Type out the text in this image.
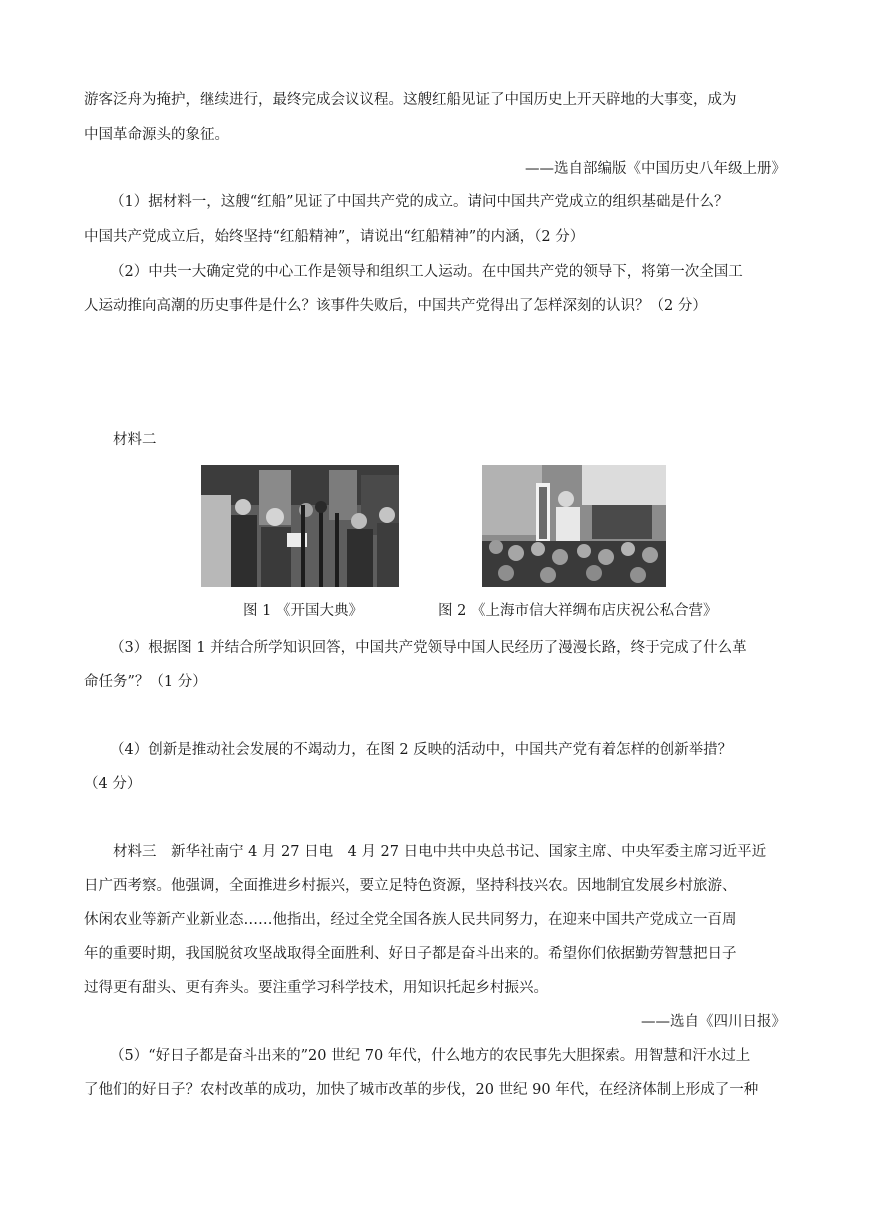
游客泛舟为掩护，继续进行，最终完成会议议程。这艘红船见证了中国历史上开天辟地的大事变，成为
中国革命源头的象征。
——选自部编版《中国历史八年级上册》
（1）据材料一，这艘“红船”见证了中国共产党的成立。请问中国共产党成立的组织基础是什么？
中国共产党成立后，始终坚持“红船精神”，请说出“红船精神”的内涵，（2 分）
（2）中共一大确定党的中心工作是领导和组织工人运动。在中国共产党的领导下，将第一次全国工
人运动推向高潮的历史事件是什么？该事件失败后，中国共产党得出了怎样深刻的认识？（2 分）
材料二
图 1 《开国大典》	图 2 《上海市信大祥绸布店庆祝公私合营》
（3）根据图 1 并结合所学知识回答，中国共产党领导中国人民经历了漫漫长路，终于完成了什么革
命任务”？（1 分）
（4）创新是推动社会发展的不竭动力，在图 2 反映的活动中，中国共产党有着怎样的创新举措？
（4 分）
材料三　新华社南宁 4 月 27 日电　4 月 27 日电中共中央总书记、国家主席、中央军委主席习近平近
日广西考察。他强调，全面推进乡村振兴，要立足特色资源，坚持科技兴农。因地制宜发展乡村旅游、
休闲农业等新产业新业态……他指出，经过全党全国各族人民共同努力，在迎来中国共产党成立一百周
年的重要时期，我国脱贫攻坚战取得全面胜利、好日子都是奋斗出来的。希望你们依据勤劳智慧把日子
过得更有甜头、更有奔头。要注重学习科学技术，用知识托起乡村振兴。
——选自《四川日报》
（5）“好日子都是奋斗出来的”20 世纪 70 年代，什么地方的农民事先大胆探索。用智慧和汗水过上
了他们的好日子？农村改革的成功，加快了城市改革的步伐，20 世纪 90 年代，在经济体制上形成了一种
